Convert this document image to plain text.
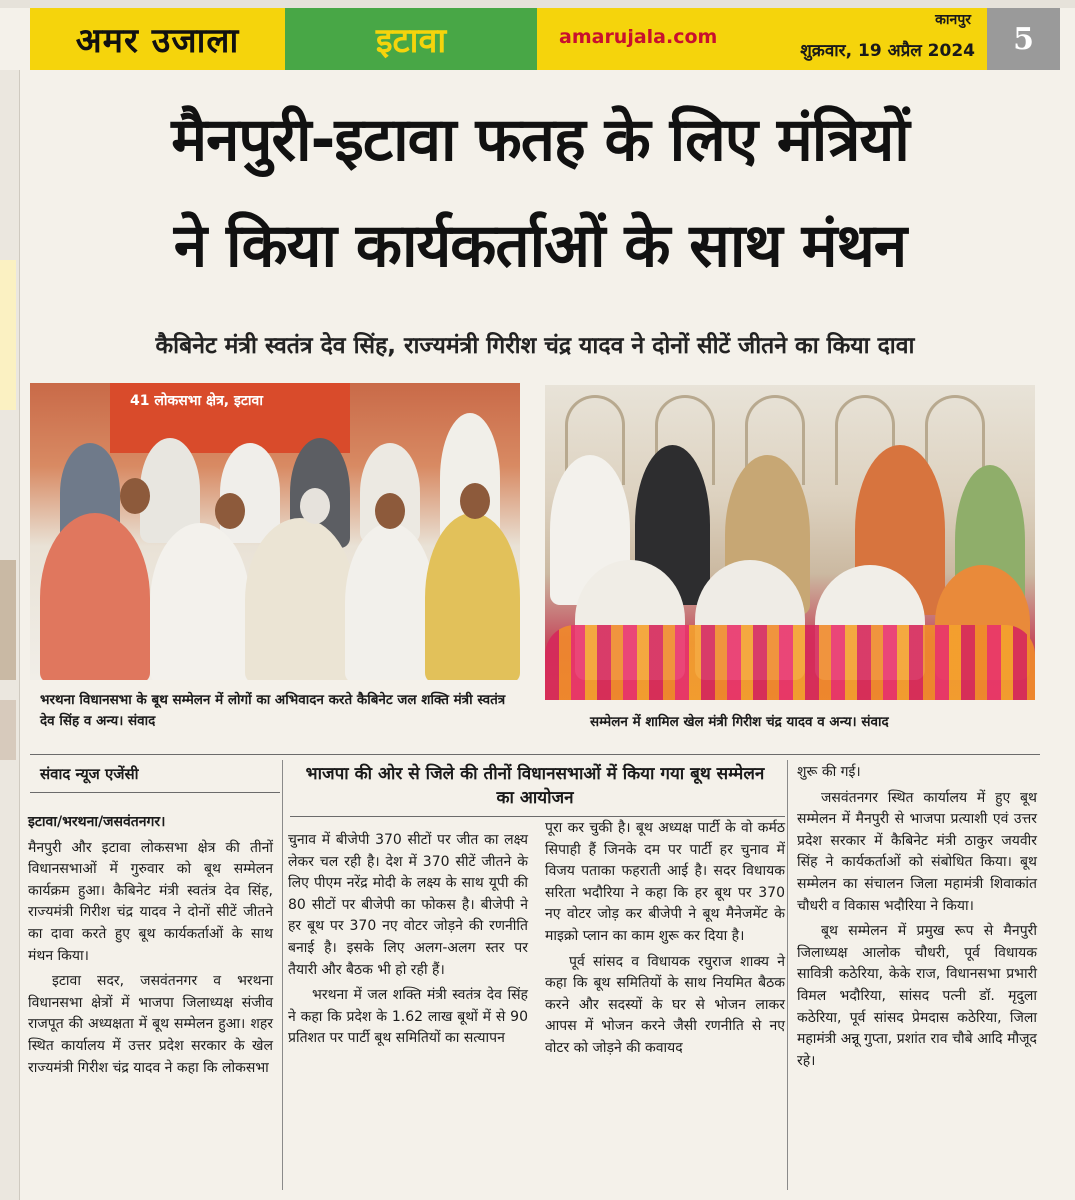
अमर उजाला	इटावा	amarujala.com
कानपुर
शुक्रवार, 19 अप्रैल 2024 5
मैनपुरी-इटावा फतह के लिए मंत्रियों
ने किया कार्यकर्ताओं के साथ मंथन
कैबिनेट मंत्री स्वतंत्र देव सिंह, राज्यमंत्री गिरीश चंद्र यादव ने दोनों सीटें जीतने का किया दावा
41 लोकसभा क्षेत्र, इटावा
भरथना विधानसभा के बूथ सम्मेलन में लोगों का अभिवादन करते कैबिनेट जल शक्ति मंत्री स्वतंत्र देव सिंह व अन्य। संवाद	सम्मेलन में शामिल खेल मंत्री गिरीश चंद्र यादव व अन्य। संवाद
संवाद न्यूज एजेंसी	भाजपा की ओर से जिले की तीनों विधानसभाओं में किया गया बूथ सम्मेलन का आयोजन

इटावा/भरथना/जसवंतनगर।

मैनपुरी और इटावा लोकसभा क्षेत्र की तीनों विधानसभाओं में गुरुवार को बूथ सम्मेलन कार्यक्रम हुआ। कैबिनेट मंत्री स्वतंत्र देव सिंह, राज्यमंत्री गिरीश चंद्र यादव ने दोनों सीटें जीतने का दावा करते हुए बूथ कार्यकर्ताओं के साथ मंथन किया।

इटावा सदर, जसवंतनगर व भरथना विधानसभा क्षेत्रों में भाजपा जिलाध्यक्ष संजीव राजपूत की अध्यक्षता में बूथ सम्मेलन हुआ। शहर स्थित कार्यालय में उत्तर प्रदेश सरकार के खेल राज्यमंत्री गिरीश चंद्र यादव ने कहा कि लोकसभा

चुनाव में बीजेपी 370 सीटों पर जीत का लक्ष्य लेकर चल रही है। देश में 370 सीटें जीतने के लिए पीएम नरेंद्र मोदी के लक्ष्य के साथ यूपी की 80 सीटों पर बीजेपी का फोकस है। बीजेपी ने हर बूथ पर 370 नए वोटर जोड़ने की रणनीति बनाई है। इसके लिए अलग-अलग स्तर पर तैयारी और बैठक भी हो रही हैं।

भरथना में जल शक्ति मंत्री स्वतंत्र देव सिंह ने कहा कि प्रदेश के 1.62 लाख बूथों में से 90 प्रतिशत पर पार्टी बूथ समितियों का सत्यापन

पूरा कर चुकी है। बूथ अध्यक्ष पार्टी के वो कर्मठ सिपाही हैं जिनके दम पर पार्टी हर चुनाव में विजय पताका फहराती आई है। सदर विधायक सरिता भदौरिया ने कहा कि हर बूथ पर 370 नए वोटर जोड़ कर बीजेपी ने बूथ मैनेजमेंट के माइक्रो प्लान का काम शुरू कर दिया है।

पूर्व सांसद व विधायक रघुराज शाक्य ने कहा कि बूथ समितियों के साथ नियमित बैठक करने और सदस्यों के घर से भोजन लाकर आपस में भोजन करने जैसी रणनीति से नए वोटर को जोड़ने की कवायद

शुरू की गई।

जसवंतनगर स्थित कार्यालय में हुए बूथ सम्मेलन में मैनपुरी से भाजपा प्रत्याशी एवं उत्तर प्रदेश सरकार में कैबिनेट मंत्री ठाकुर जयवीर सिंह ने कार्यकर्ताओं को संबोधित किया। बूथ सम्मेलन का संचालन जिला महामंत्री शिवाकांत चौधरी व विकास भदौरिया ने किया।

बूथ सम्मेलन में प्रमुख रूप से मैनपुरी जिलाध्यक्ष आलोक चौधरी, पूर्व विधायक सावित्री कठेरिया, केके राज, विधानसभा प्रभारी विमल भदौरिया, सांसद पत्नी डॉ. मृदुला कठेरिया, पूर्व सांसद प्रेमदास कठेरिया, जिला महामंत्री अन्नू गुप्ता, प्रशांत राव चौबे आदि मौजूद रहे।
